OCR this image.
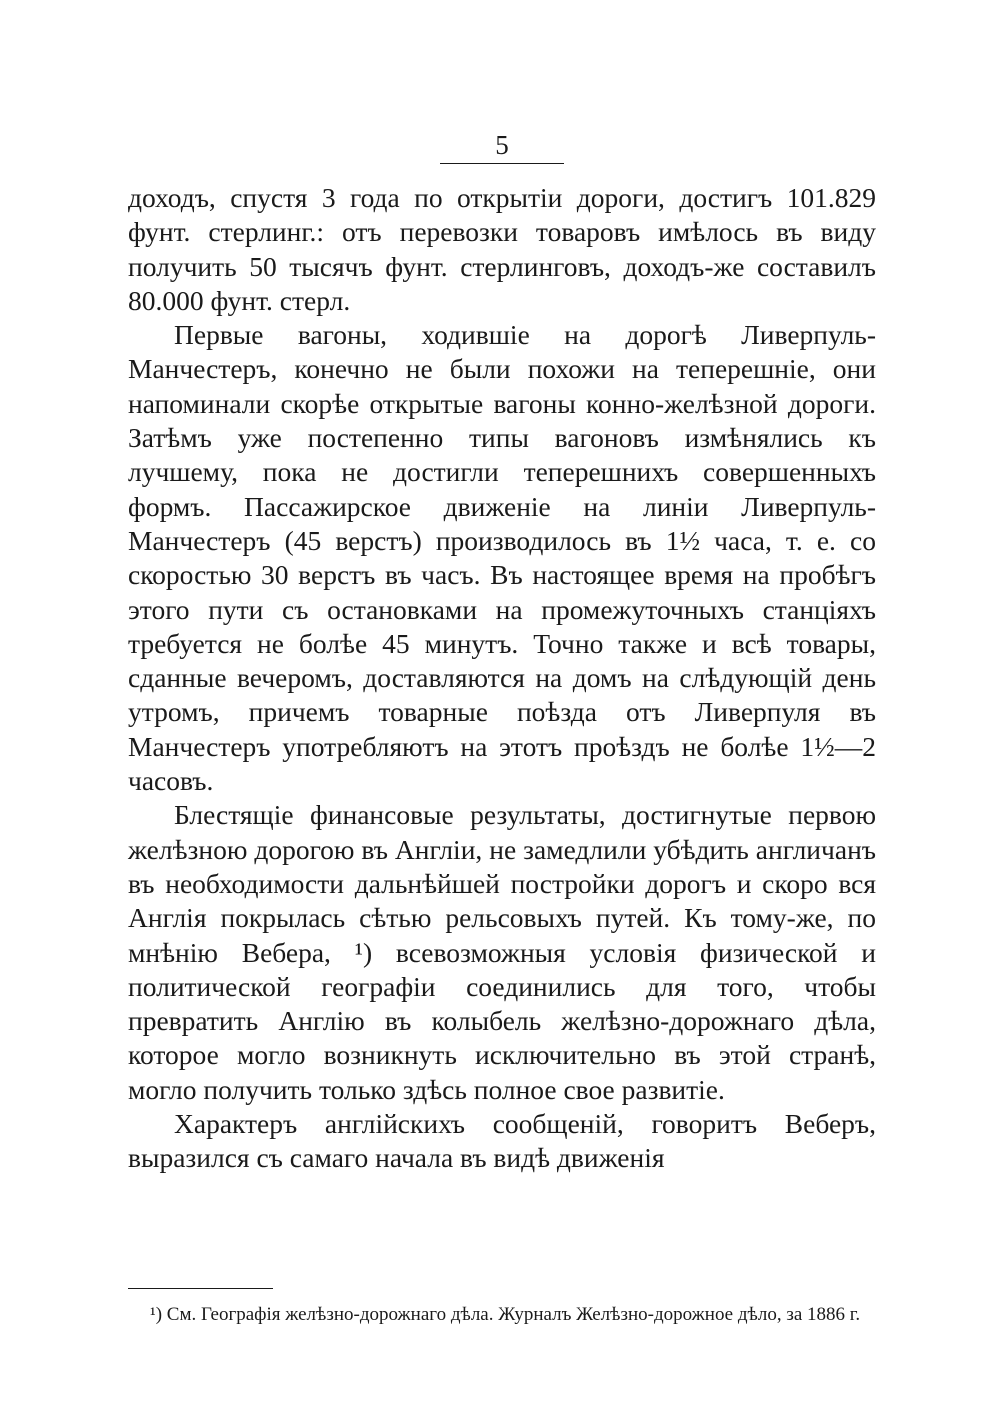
5

доходъ, спустя 3 года по открытіи дороги, достигъ 101.829 фунт. стерлинг.: отъ перевозки товаровъ имѣлось въ виду получить 50 тысячъ фунт. стерлинговъ, доходъ-же составилъ 80.000 фунт. стерл.

Первые вагоны, ходившіе на дорогѣ Ливерпуль-Манчестеръ, конечно не были похожи на теперешніе, они напоминали скорѣе открытые вагоны конно-желѣзной дороги. Затѣмъ уже постепенно типы вагоновъ измѣнялись къ лучшему, пока не достигли теперешнихъ совершенныхъ формъ. Пассажирское движеніе на линіи Ливерпуль-Манчестеръ (45 верстъ) производилось въ 1½ часа, т. е. со скоростью 30 верстъ въ часъ. Въ настоящее время на пробѣгъ этого пути съ остановками на промежуточныхъ станціяхъ требуется не болѣе 45 минутъ. Точно также и всѣ товары, сданные вечеромъ, доставляются на домъ на слѣдующій день утромъ, причемъ товарные поѣзда отъ Ливерпуля въ Манчестеръ употребляютъ на этотъ проѣздъ не болѣе 1½—2 часовъ.

Блестящіе финансовые результаты, достигнутые первою желѣзною дорогою въ Англіи, не замедлили убѣдить англичанъ въ необходимости дальнѣйшей постройки дорогъ и скоро вся Англія покрылась сѣтью рельсовыхъ путей. Къ тому-же, по мнѣнію Вебера, ¹) всевозможныя условія физической и политической географіи соединились для того, чтобы превратить Англію въ колыбель желѣзно-дорожнаго дѣла, которое могло возникнуть исключительно въ этой странѣ, могло получить только здѣсь полное свое развитіе.

Характеръ англійскихъ сообщеній, говоритъ Веберъ, выразился съ самаго начала въ видѣ движенія

¹) См. Географія желѣзно-дорожнаго дѣла. Журналъ Желѣзно-дорожное дѣло, за 1886 г.
